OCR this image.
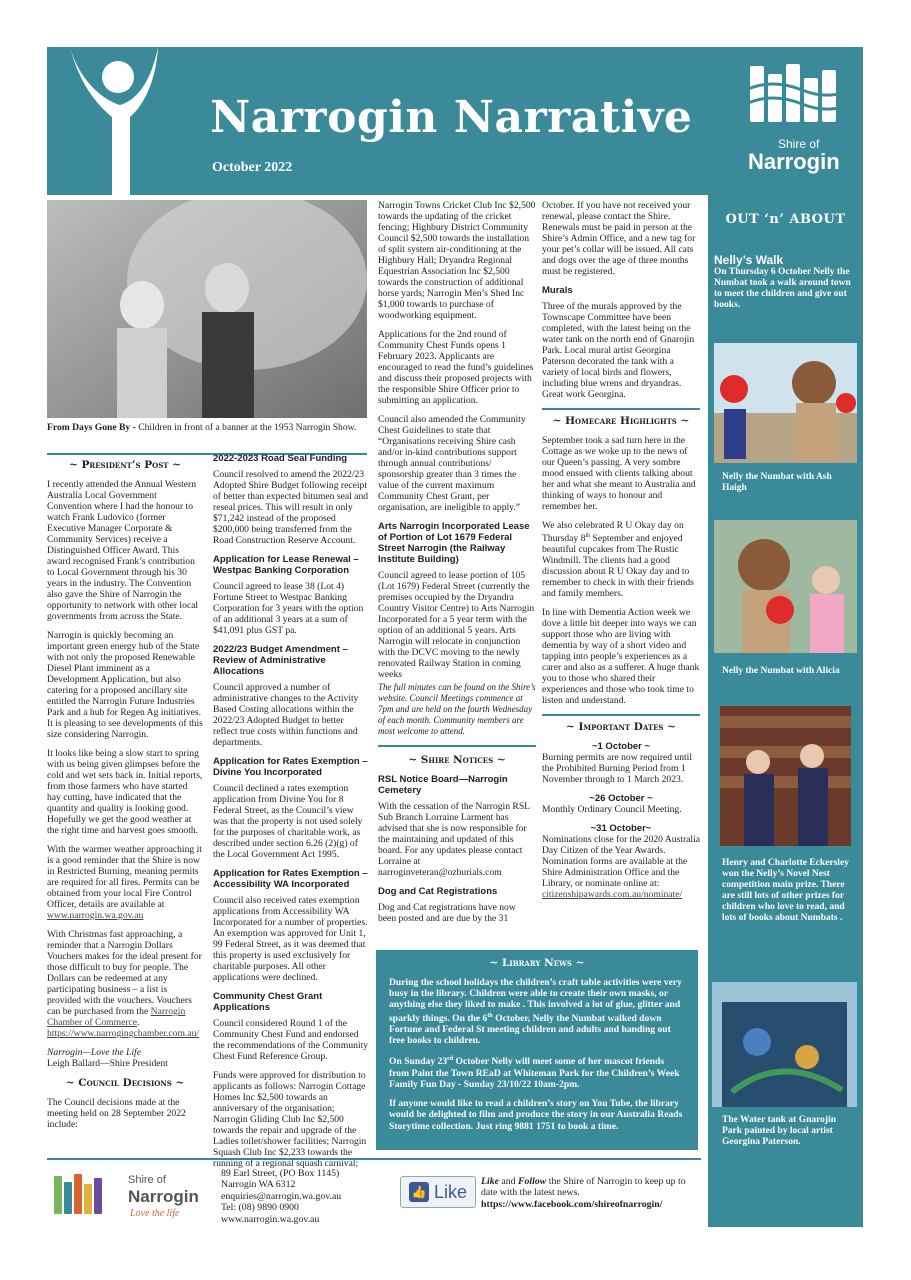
Narrogin Narrative
October 2022
Shire of
Narrogin
From Days Gone By - Children in front of a banner at the 1953 Narrogin Show.
~ President’s Post ~

I recently attended the Annual Western Australia Local Government Convention where I had the honour to watch Frank Ludovico (former Executive Manager Corporate & Community Services) receive a Distinguished Officer Award. This award recognised Frank’s contribution to Local Government through his 30 years in the industry. The Convention also gave the Shire of Narrogin the opportunity to network with other local governments from across the State.

Narrogin is quickly becoming an important green energy hub of the State with not only the proposed Renewable Diesel Plant imminent as a Development Application, but also catering for a proposed ancillary site entitled the Narrogin Future Industries Park and a hub for Regen Ag initiatives. It is pleasing to see developments of this size considering Narrogin.

It looks like being a slow start to spring with us being given glimpses before the cold and wet sets back in. Initial reports, from those farmers who have started hay cutting, have indicated that the quantity and quality is looking good. Hopefully we get the good weather at the right time and harvest goes smooth.

With the warmer weather approaching it is a good reminder that the Shire is now in Restricted Burning, meaning permits are required for all fires. Permits can be obtained from your local Fire Control Officer, details are available at www.narrogin.wa.gov.au

With Christmas fast approaching, a reminder that a Narrogin Dollars Vouchers makes for the ideal present for those difficult to buy for people. The Dollars can be redeemed at any participating business – a list is provided with the vouchers. Vouchers can be purchased from the Narrogin Chamber of Commerce. https://www.narrogingchamber.com.au/

Narrogin—Love the Life
Leigh Ballard—Shire President
~ Council Decisions ~

The Council decisions made at the meeting held on 28 September 2022 include:

2022-2023 Road Seal Funding

Council resolved to amend the 2022/23 Adopted Shire Budget following receipt of better than expected bitumen seal and reseal prices. This will result in only $71,242 instead of the proposed $200,000 being transferred from the Road Construction Reserve Account.

Application for Lease Renewal – Westpac Banking Corporation

Council agreed to lease 38 (Lot 4) Fortune Street to Westpac Banking Corporation for 3 years with the option of an additional 3 years at a sum of $41,091 plus GST pa.

2022/23 Budget Amendment – Review of Administrative Allocations

Council approved a number of administrative changes to the Activity Based Costing allocations within the 2022/23 Adopted Budget to better reflect true costs within functions and departments.

Application for Rates Exemption – Divine You Incorporated

Council declined a rates exemption application from Divine You for 8 Federal Street, as the Council’s view was that the property is not used solely for the purposes of charitable work, as described under section 6.26 (2)(g) of the Local Government Act 1995.

Application for Rates Exemption – Accessibility WA Incorporated

Council also received rates exemption applications from Accessibility WA Incorporated for a number of properties. An exemption was approved for Unit 1, 99 Federal Street, as it was deemed that this property is used exclusively for charitable purposes. All other applications were declined.

Community Chest Grant Applications

Council considered Round 1 of the Community Chest Fund and endorsed the recommendations of the Community Chest Fund Reference Group.

Funds were approved for distribution to applicants as follows: Narrogin Cottage Homes Inc $2,500 towards an anniversary of the organisation; Narrogin Gliding Club Inc $2,500 towards the repair and upgrade of the Ladies toilet/shower facilities; Narrogin Squash Club Inc $2,233 towards the running of a regional squash carnival;

Narrogin Towns Cricket Club Inc $2,500 towards the updating of the cricket fencing; Highbury District Community Council $2,500 towards the installation of split system air-conditioning at the Highbury Hall; Dryandra Regional Equestrian Association Inc $2,500 towards the construction of additional horse yards; Narrogin Men’s Shed Inc $1,000 towards to purchase of woodworking equipment.

Applications for the 2nd round of Community Chest Funds opens 1 February 2023. Applicants are encouraged to read the fund’s guidelines and discuss their proposed projects with the responsible Shire Officer prior to submitting an application.

Council also amended the Community Chest Guidelines to state that “Organisations receiving Shire cash and/or in-kind contributions support through annual contributions/ sponsorship greater than 3 times the value of the current maximum Community Chest Grant, per organisation, are ineligible to apply.”

Arts Narrogin Incorporated Lease of Portion of Lot 1679 Federal Street Narrogin (the Railway Institute Building)

Council agreed to lease portion of 105 (Lot 1679) Federal Street (currently the premises occupied by the Dryandra Country Visitor Centre) to Arts Narrogin Incorporated for a 5 year term with the option of an additional 5 years. Arts Narrogin will relocate in conjunction with the DCVC moving to the newly renovated Railway Station in coming weeks

The full minutes can be found on the Shire’s website. Council Meetings commence at 7pm and are held on the fourth Wednesday of each month. Community members are most welcome to attend.

~ Shire Notices ~
RSL Notice Board—Narrogin Cemetery

With the cessation of the Narrogin RSL Sub Branch Lorraine Larment has advised that she is now responsible for the maintaining and updated of this board. For any updates please contact Lorraine at narroginveteran@ozburials.com

Dog and Cat Registrations

Dog and Cat registrations have now been posted and are due by the 31

October. If you have not received your renewal, please contact the Shire. Renewals must be paid in person at the Shire’s Admin Office, and a new tag for your pet’s collar will be issued. All cats and dogs over the age of three months must be registered.

Murals

Three of the murals approved by the Townscape Committee have been completed, with the latest being on the water tank on the north end of Gnarojin Park. Local mural artist Georgina Paterson decorated the tank with a variety of local birds and flowers, including blue wrens and dryandras. Great work Georgina.

~ Homecare Highlights ~

September took a sad turn here in the Cottage as we woke up to the news of our Queen’s passing. A very sombre mood ensued with clients talking about her and what she meant to Australia and thinking of ways to honour and remember her.

We also celebrated R U Okay day on Thursday 8th September and enjoyed beautiful cupcakes from The Rustic Windmill. The clients had a good discussion about R U Okay day and to remember to check in with their friends and family members.

In line with Dementia Action week we dove a little bit deeper into ways we can support those who are living with dementia by way of a short video and tapping into people’s experiences as a carer and also as a sufferer. A huge thank you to those who shared their experiences and those who took time to listen and understand.

~ Important Dates ~
~1 October ~

Burning permits are now required until the Prohibited Burning Period from 1 November through to 1 March 2023.

~26 October ~

Monthly Ordinary Council Meeting.

~31 October~

Nominations close for the 2020 Australia Day Citizen of the Year Awards. Nomination forms are available at the Shire Administration Office and the Library, or nominate online at: citizenshipawards.com.au/nominate/

~ Library News ~

During the school holidays the children’s craft table activities were very busy in the library. Children were able to create their own masks, or anything else they liked to make . This involved a lot of glue, glitter and sparkly things. On the 6th October, Nelly the Numbat walked down Fortune and Federal St meeting children and adults and handing out free books to children.

On Sunday 23rd October Nelly will meet some of her mascot friends from Paint the Town REaD at Whiteman Park for the Children’s Week Family Fun Day - Sunday 23/10/22 10am-2pm.

If anyone would like to read a children’s story on You Tube, the library would be delighted to film and produce the story in our Australia Reads Storytime collection. Just ring 9881 1751 to book a time.

OUT ‘n’ ABOUT
Nelly’s Walk
On Thursday 6 October Nelly the Numbat took a walk around town to meet the children and give out books.
Nelly the Numbat with Ash Haigh
Nelly the Numbat with Alicia
Henry and Charlotte Eckersley won the Nelly’s Novel Nest competition main prize. There are still lots of other prizes for children who love to read, and lots of books about Numbats .
The Water tank at Gnarojin Park painted by local artist Georgina Paterson.
Shire of
Narrogin
Love the life
89 Earl Street, (PO Box 1145)
Narrogin WA 6312
enquiries@narrogin.wa.gov.au
Tel: (08) 9890 0900
www.narrogin.wa.gov.au
👍 Like Like and Follow the Shire of Narrogin to keep up to date with the latest news.
https://www.facebook.com/shireofnarrogin/
